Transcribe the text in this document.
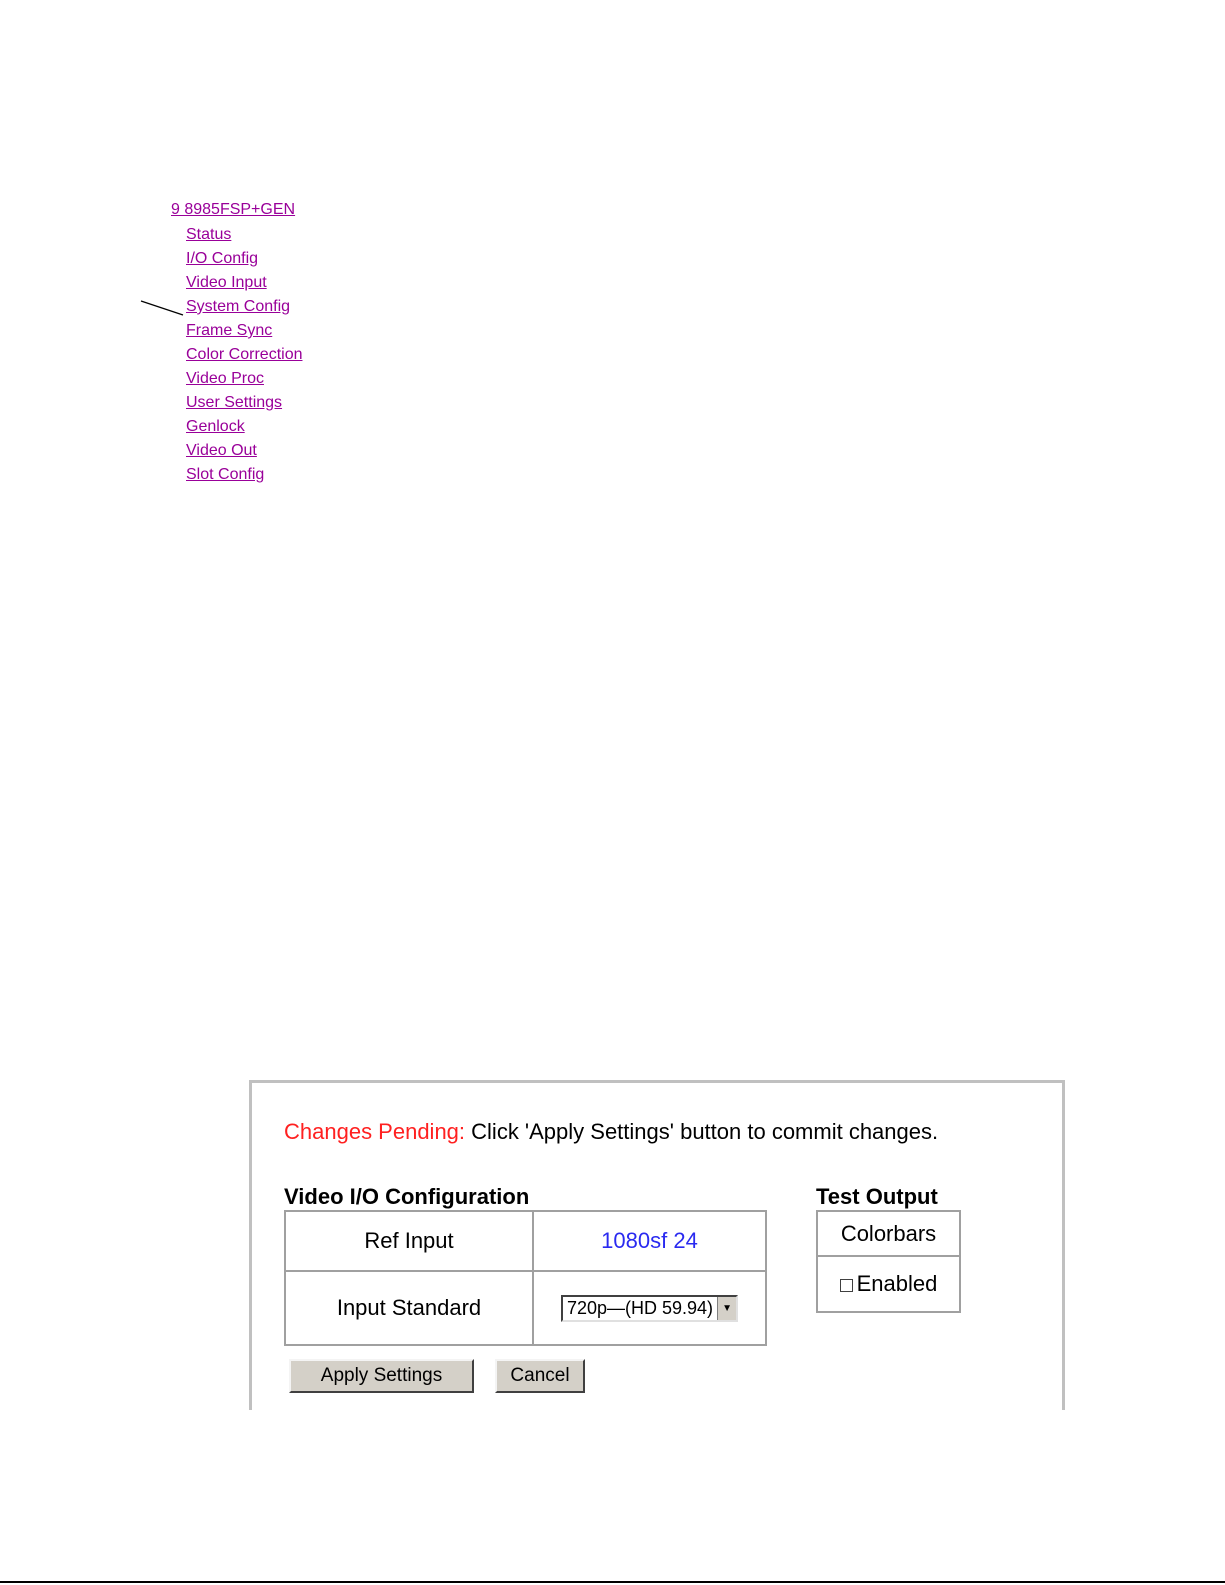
9 8985FSP+GEN
Status
I/O Config
Video Input
System Config
Frame Sync
Color Correction
Video Proc
User Settings
Genlock
Video Out
Slot Config
Changes Pending: Click 'Apply Settings' button to commit changes.
Video I/O Configuration
Ref Input	1080sf 24
Input Standard	720p—(HD 59.94) ▼
Test Output
Colorbars
Enabled
Apply Settings	Cancel
